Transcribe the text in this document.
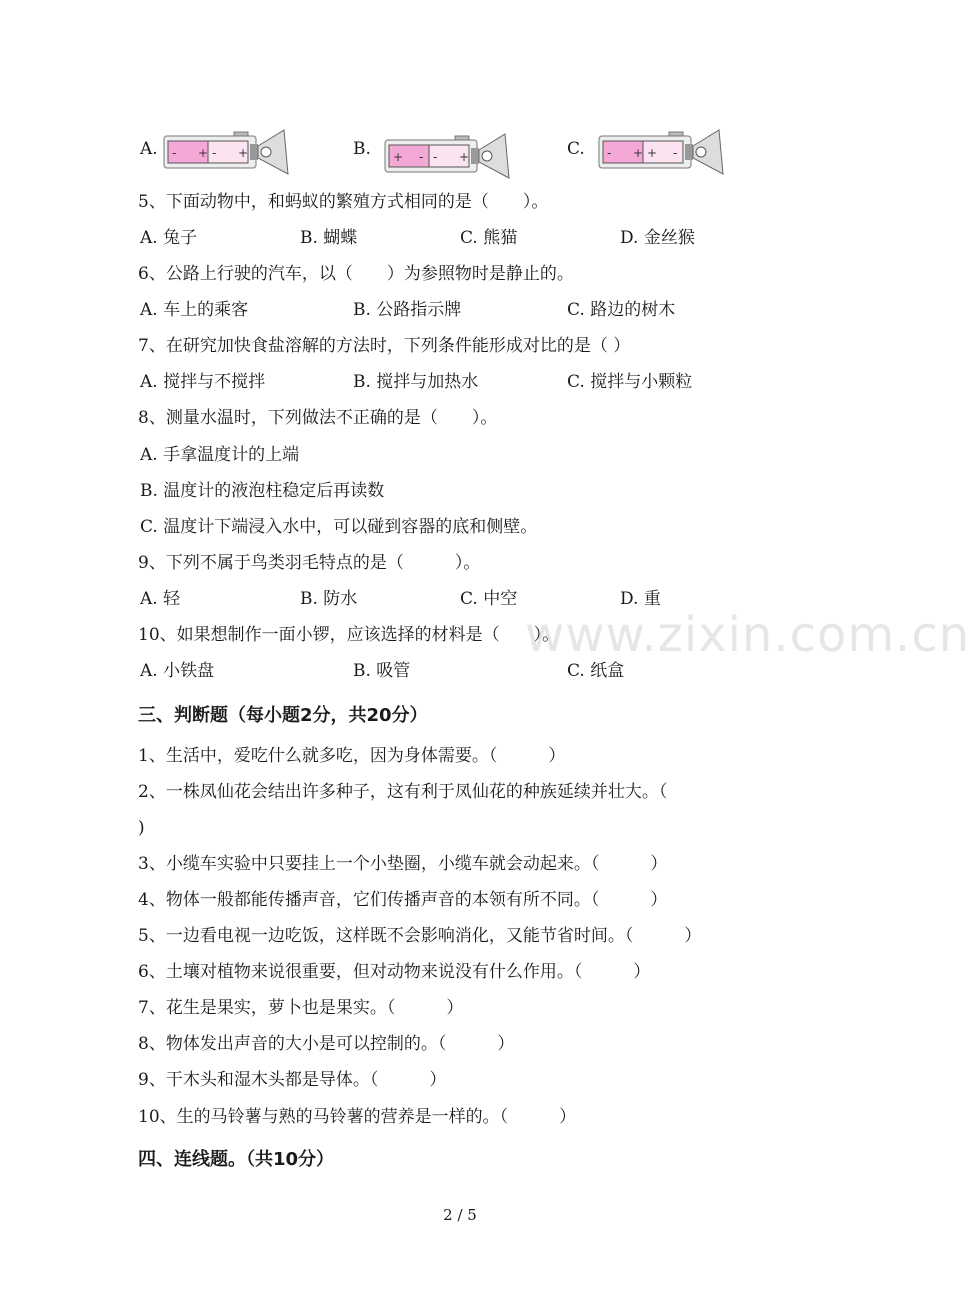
A. - + - +	B. + - - +	C. - + + -
5、下面动物中，和蚂蚁的繁殖方式相同的是（　　）。
A. 兔子	B. 蝴蝶	C. 熊猫	D. 金丝猴
6、公路上行驶的汽车，以（　　）为参照物时是静止的。
A. 车上的乘客	B. 公路指示牌	C. 路边的树木
7、在研究加快食盐溶解的方法时，下列条件能形成对比的是（ ）
A. 搅拌与不搅拌	B. 搅拌与加热水	C. 搅拌与小颗粒
8、测量水温时，下列做法不正确的是（　　）。
A. 手拿温度计的上端
B. 温度计的液泡柱稳定后再读数
C. 温度计下端浸入水中，可以碰到容器的底和侧壁。
9、下列不属于鸟类羽毛特点的是（　　　）。
A. 轻	B. 防水	C. 中空	D. 重
www.zixin.com.cn
10、如果想制作一面小锣，应该选择的材料是（　　）。
A. 小铁盘	B. 吸管	C. 纸盒
三、判断题（每小题2分，共20分）
1、生活中，爱吃什么就多吃，因为身体需要。（　　　）
2、一株凤仙花会结出许多种子，这有利于凤仙花的种族延续并壮大。（
)
3、小缆车实验中只要挂上一个小垫圈，小缆车就会动起来。（　　　）
4、物体一般都能传播声音，它们传播声音的本领有所不同。（　　　）
5、一边看电视一边吃饭，这样既不会影响消化，又能节省时间。（　　　）
6、土壤对植物来说很重要，但对动物来说没有什么作用。（　　　）
7、花生是果实，萝卜也是果实。（　　　）
8、物体发出声音的大小是可以控制的。（　　　）
9、干木头和湿木头都是导体。（　　　）
10、生的马铃薯与熟的马铃薯的营养是一样的。（　　　）
四、连线题。（共10分）
2 / 5
